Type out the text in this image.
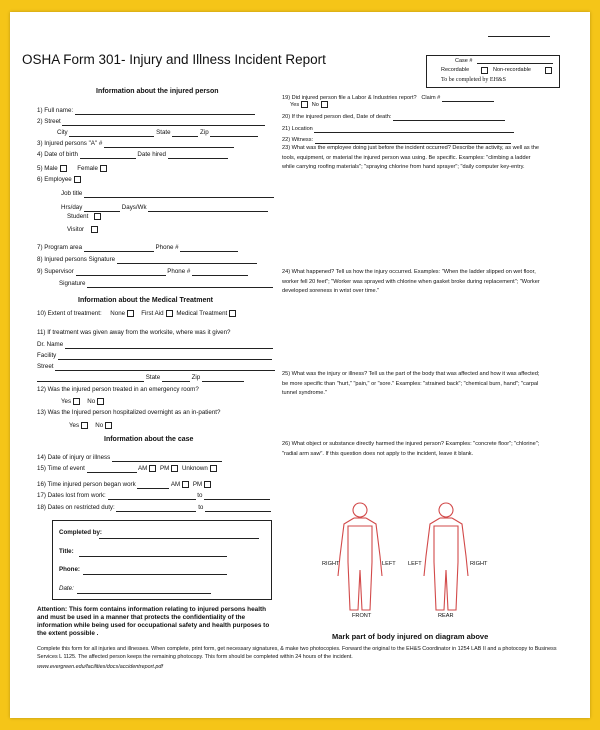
OSHA Form 301- Injury and Illness Incident Report	Case #
Recordable	Non-recordable
To be completed by EH&S
Information about the injured person
1) Full name:
2) Street
City	State	Zip
3) Injured persons "A" #
4) Date of birth	Date hired
5) Male	Female
6) Employee
Job title
Hrs/day	Days/Wk
Student
Visitor
7) Program area	Phone #
8) Injured persons Signature
9) Supervisor	Phone #
Signature
Information about the Medical Treatment
10) Extent of treatment: None	First Aid Medical Treatment
11) If treatment was given away from the worksite, where was it given?
Dr. Name
Facility
Street
State	Zip
12) Was the injured person treated in an emergency room?
Yes	No
13) Was the Injured person hospitalized overnight as an in-patient?
Yes	No
Information about the case
14) Date of injury or illness
15) Time of event	AM PM Unknown
16) Time injured person began work	AM PM
17) Dates lost from work:	to
18) Dates on restricted duty:	to
Completed by:
Title:
Phone:
Date:
19) Did injured person file a Labor & Industries report? Claim #
Yes No
20) If the injured person died, Date of death:
21) Location
22) Witness:
23) What was the employee doing just before the incident occurred? Describe the activity, as well as the tools, equipment, or material the injured person was using. Be specific. Examples: "climbing a ladder while carrying roofing materials"; "spraying chlorine from hand sprayer"; "daily computer key-entry.
24) What happened? Tell us how the injury occurred. Examples: "When the ladder slipped on wet floor, worker fell 20 feet"; "Worker was sprayed with chlorine when gasket broke during replacement"; "Worker developed soreness in wrist over time."
25) What was the injury or illness? Tell us the part of the body that was affected and how it was affected; be more specific than "hurt," "pain," or "sore." Examples: "strained back"; "chemical burn, hand"; "carpal tunnel syndrome."
26) What object or substance directly harmed the injured person? Examples: "concrete floor"; "chlorine"; "radial arm saw". If this question does not apply to the incident, leave it blank.
RIGHT	LEFT LEFT	RIGHT
FRONT	REAR
Mark part of body injured on diagram above
Attention: This form contains information relating to injured persons health and must be used in a manner that protects the confidentiality of the information while being used for occupational safety and health purposes to the extent possible .
Complete this form for all injuries and illnesses. When complete, print form, get necessary signatures, & make two photocopies. Forward the original to the EH&S Coordinator in 1254 LAB II and a photocopy to Business Services L 1125. The affected person keeps the remaining photocopy. This form should be completed within 24 hours of the incident.
www.evergreen.edu/facilities/docs/accidentreport.pdf
